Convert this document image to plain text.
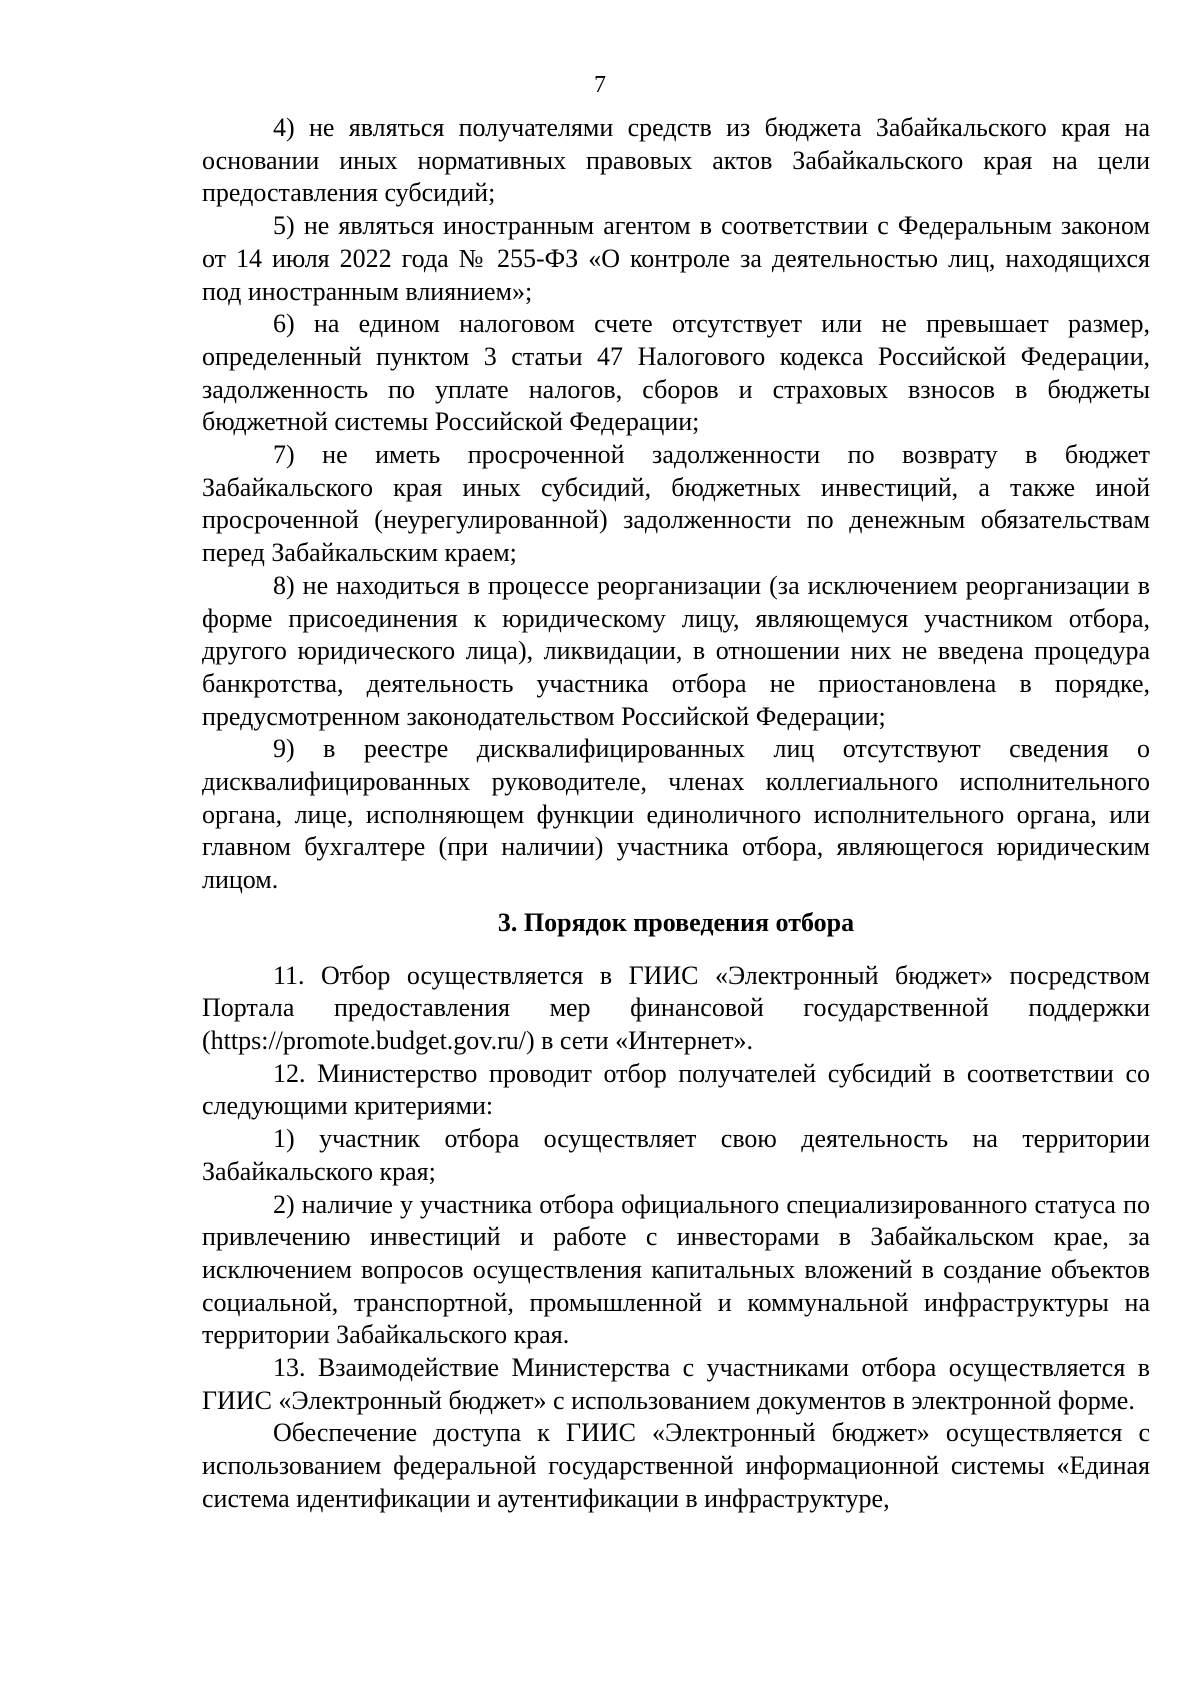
7

4) не являться получателями средств из бюджета Забайкальского края на основании иных нормативных правовых актов Забайкальского края на цели предоставления субсидий;

5) не являться иностранным агентом в соответствии с Федеральным законом от 14 июля 2022 года № 255-ФЗ «О контроле за деятельностью лиц, находящихся под иностранным влиянием»;

6) на едином налоговом счете отсутствует или не превышает размер, определенный пунктом 3 статьи 47 Налогового кодекса Российской Федерации, задолженность по уплате налогов, сборов и страховых взносов в бюджеты бюджетной системы Российской Федерации;

7) не иметь просроченной задолженности по возврату в бюджет Забайкальского края иных субсидий, бюджетных инвестиций, а также иной просроченной (неурегулированной) задолженности по денежным обязательствам перед Забайкальским краем;

8) не находиться в процессе реорганизации (за исключением реорганизации в форме присоединения к юридическому лицу, являющемуся участником отбора, другого юридического лица), ликвидации, в отношении них не введена процедура банкротства, деятельность участника отбора не приостановлена в порядке, предусмотренном законодательством Российской Федерации;

9) в реестре дисквалифицированных лиц отсутствуют сведения о дисквалифицированных руководителе, членах коллегиального исполнительного органа, лице, исполняющем функции единоличного исполнительного органа, или главном бухгалтере (при наличии) участника отбора, являющегося юридическим лицом.

3. Порядок проведения отбора

11. Отбор осуществляется в ГИИС «Электронный бюджет» посредством Портала предоставления мер финансовой государственной поддержки (https://promote.budget.gov.ru/) в сети «Интернет».

12. Министерство проводит отбор получателей субсидий в соответствии со следующими критериями:

1) участник отбора осуществляет свою деятельность на территории Забайкальского края;

2) наличие у участника отбора официального специализированного статуса по привлечению инвестиций и работе с инвесторами в Забайкальском крае, за исключением вопросов осуществления капитальных вложений в создание объектов социальной, транспортной, промышленной и коммунальной инфраструктуры на территории Забайкальского края.

13. Взаимодействие Министерства с участниками отбора осуществляется в ГИИС «Электронный бюджет» с использованием документов в электронной форме.

Обеспечение доступа к ГИИС «Электронный бюджет» осуществляется с использованием федеральной государственной информационной системы «Единая система идентификации и аутентификации в инфраструктуре,
